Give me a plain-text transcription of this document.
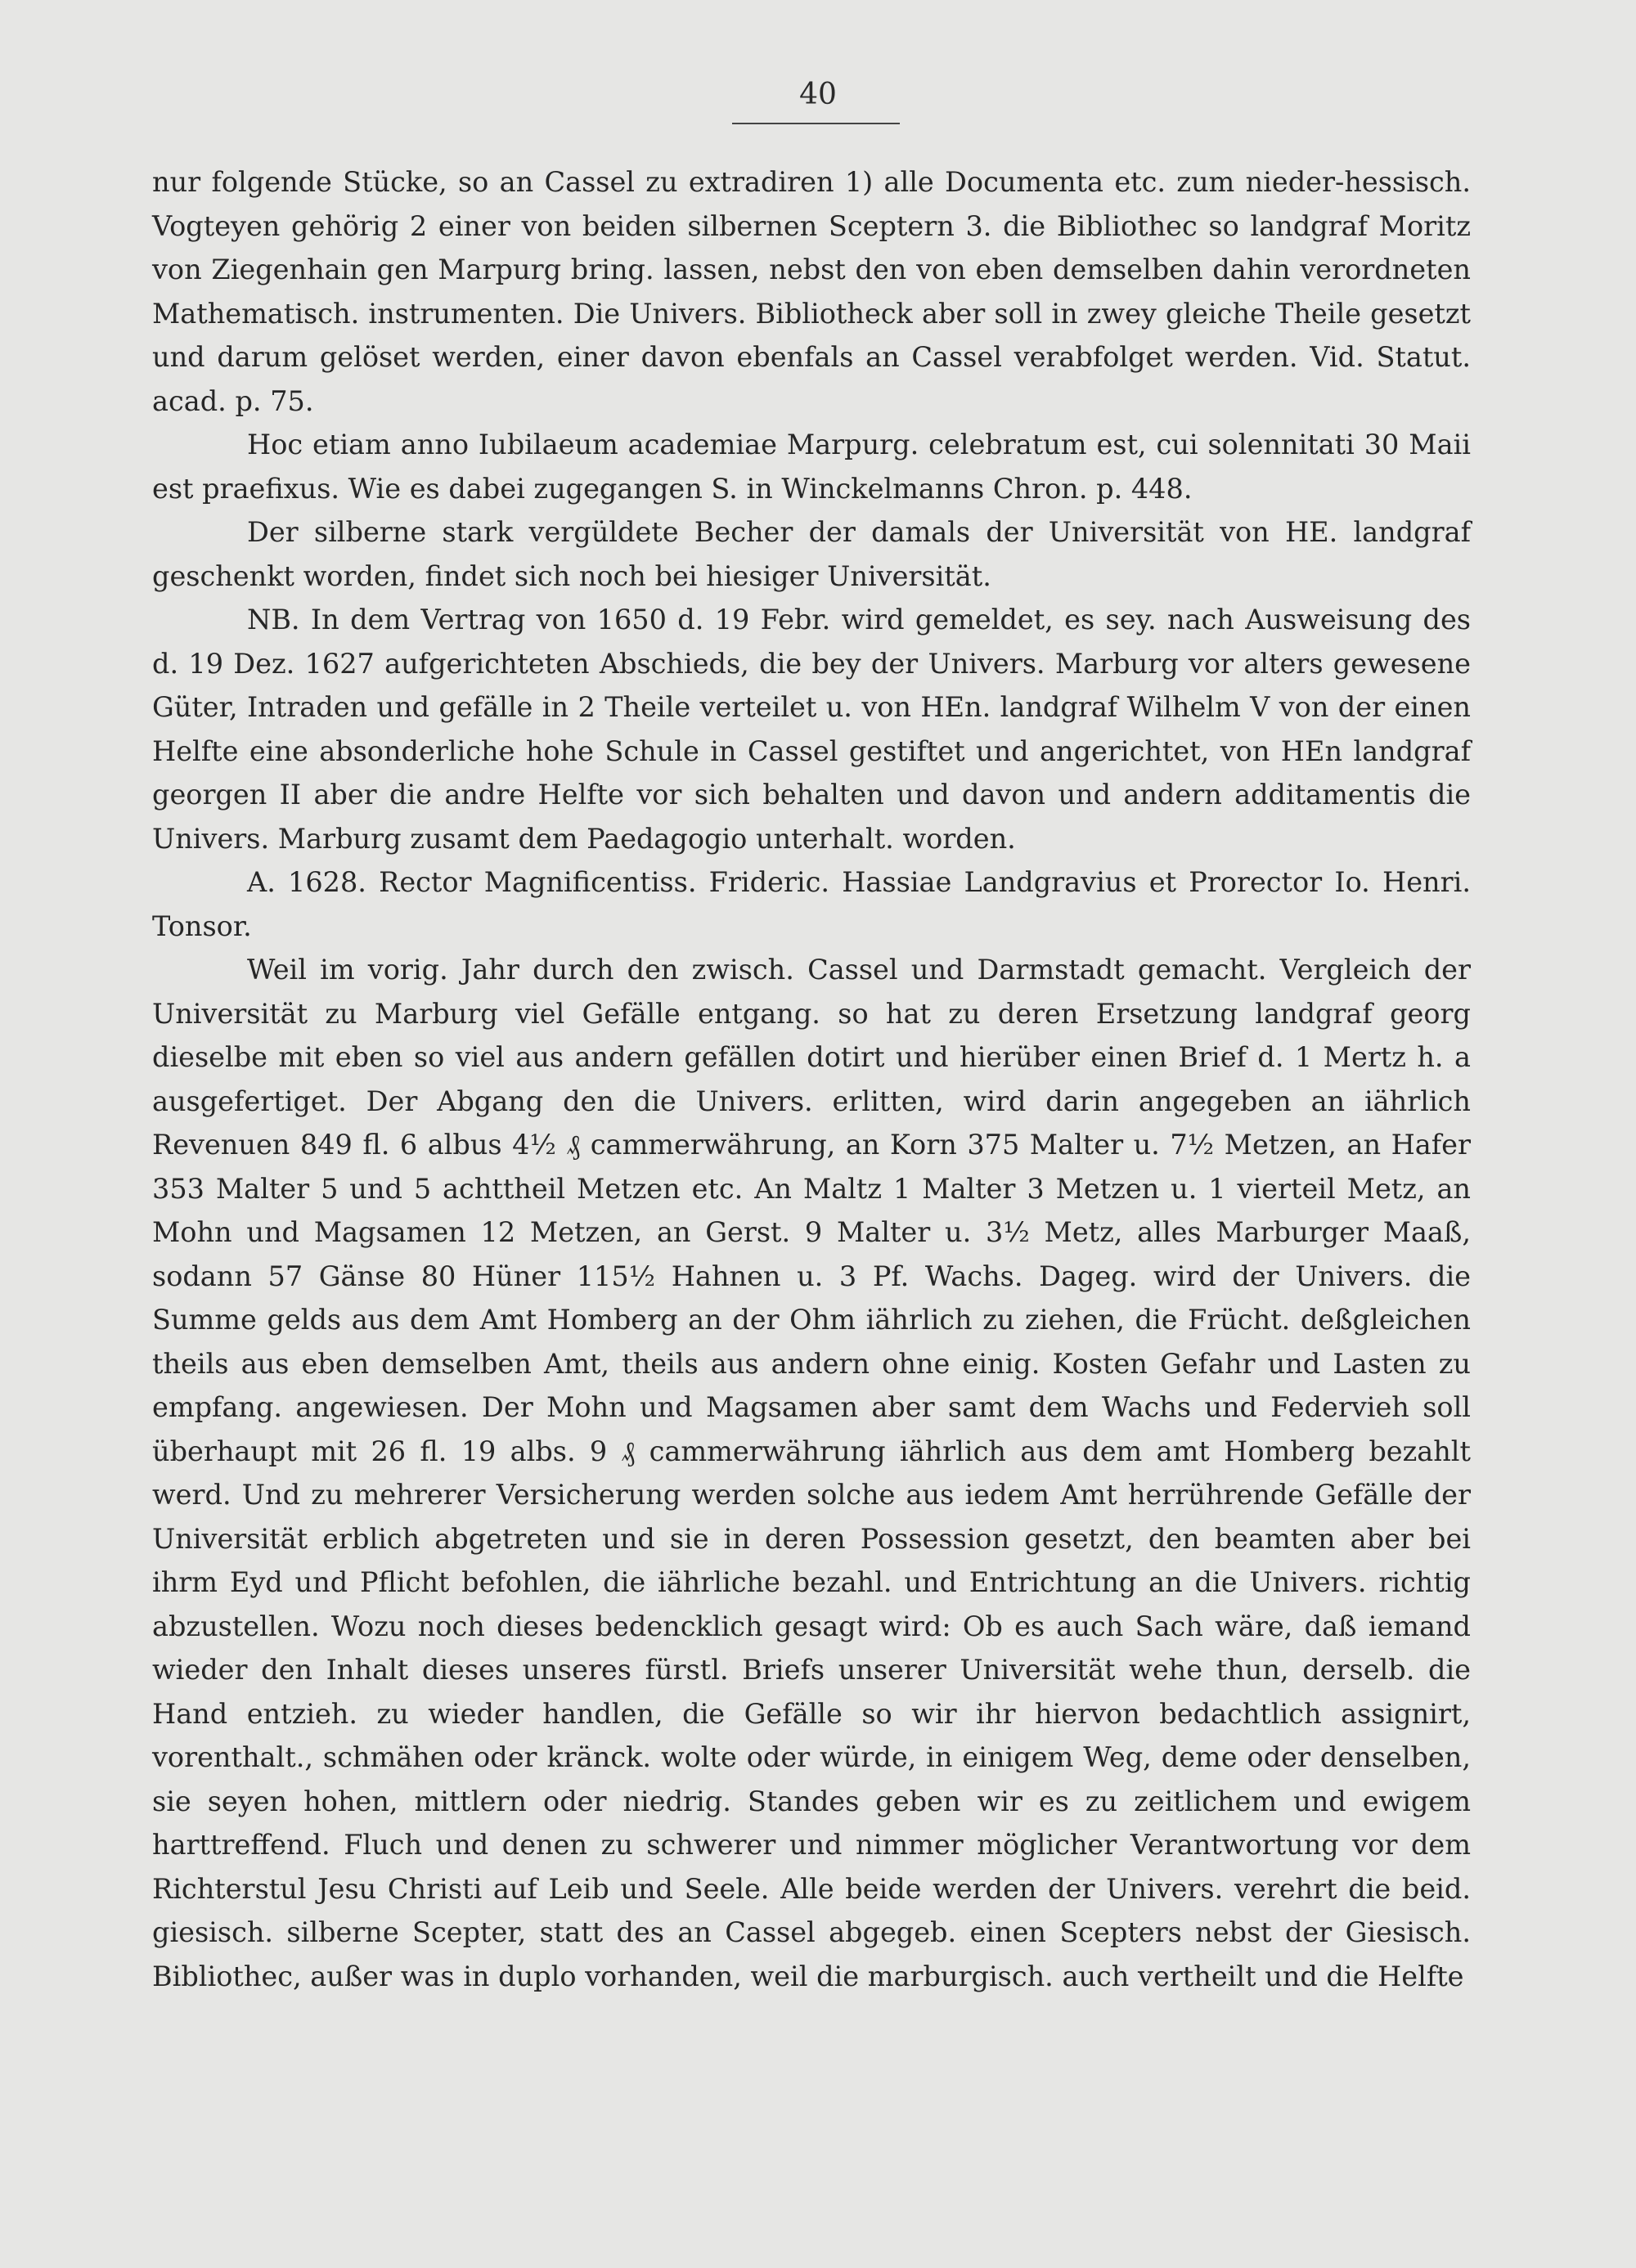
40

nur folgende Stücke, so an Cassel zu extradiren 1) alle Documenta etc. zum nieder-hessisch. Vogteyen gehörig 2 einer von beiden silbernen Sceptern 3. die Bibliothec so landgraf Moritz von Ziegenhain gen Marpurg bring. lassen, nebst den von eben demselben dahin verordneten Mathematisch. instrumenten. Die Univers. Bibliotheck aber soll in zwey gleiche Theile gesetzt und darum gelöset werden, einer davon ebenfals an Cassel verabfolget werden. Vid. Statut. acad. p. 75.

Hoc etiam anno Iubilaeum academiae Marpurg. celebratum est, cui solennitati 30 Maii est praefixus. Wie es dabei zugegangen S. in Winckelmanns Chron. p. 448.

Der silberne stark vergüldete Becher der damals der Universität von HE. landgraf geschenkt worden, findet sich noch bei hiesiger Universität.

NB. In dem Vertrag von 1650 d. 19 Febr. wird gemeldet, es sey. nach Ausweisung des d. 19 Dez. 1627 aufgerichteten Abschieds, die bey der Univers. Marburg vor alters gewesene Güter, Intraden und gefälle in 2 Theile verteilet u. von HEn. landgraf Wilhelm V von der einen Helfte eine absonderliche hohe Schule in Cassel gestiftet und angerichtet, von HEn landgraf georgen II aber die andre Helfte vor sich behalten und davon und andern additamentis die Univers. Marburg zusamt dem Paedagogio unterhalt. worden.

A. 1628. Rector Magnificentiss. Frideric. Hassiae Landgravius et Prorector Io. Henri. Tonsor.

Weil im vorig. Jahr durch den zwisch. Cassel und Darmstadt gemacht. Vergleich der Universität zu Marburg viel Gefälle entgang. so hat zu deren Ersetzung landgraf georg dieselbe mit eben so viel aus andern gefällen dotirt und hierüber einen Brief d. 1 Mertz h. a ausgefertiget. Der Abgang den die Univers. erlitten, wird darin angegeben an iährlich Revenuen 849 fl. 6 albus 4½ ₰ cammerwährung, an Korn 375 Malter u. 7½ Metzen, an Hafer 353 Malter 5 und 5 achttheil Metzen etc. An Maltz 1 Malter 3 Metzen u. 1 vierteil Metz, an Mohn und Magsamen 12 Metzen, an Gerst. 9 Malter u. 3½ Metz, alles Marburger Maaß, sodann 57 Gänse 80 Hüner 115½ Hahnen u. 3 Pf. Wachs. Dageg. wird der Univers. die Summe gelds aus dem Amt Homberg an der Ohm iährlich zu ziehen, die Frücht. deßgleichen theils aus eben demselben Amt, theils aus andern ohne einig. Kosten Gefahr und Lasten zu empfang. angewiesen. Der Mohn und Magsamen aber samt dem Wachs und Federvieh soll überhaupt mit 26 fl. 19 albs. 9 ₰ cammerwährung iährlich aus dem amt Homberg bezahlt werd. Und zu mehrerer Versicherung werden solche aus iedem Amt herrührende Gefälle der Universität erblich abgetreten und sie in deren Possession gesetzt, den beamten aber bei ihrm Eyd und Pflicht befohlen, die iährliche bezahl. und Entrichtung an die Univers. richtig abzustellen. Wozu noch dieses bedencklich gesagt wird: Ob es auch Sach wäre, daß iemand wieder den Inhalt dieses unseres fürstl. Briefs unserer Universität wehe thun, derselb. die Hand entzieh. zu wieder handlen, die Gefälle so wir ihr hiervon bedachtlich assignirt, vorenthalt., schmähen oder kränck. wolte oder würde, in einigem Weg, deme oder denselben, sie seyen hohen, mittlern oder niedrig. Standes geben wir es zu zeitlichem und ewigem harttreffend. Fluch und denen zu schwerer und nimmer möglicher Verantwortung vor dem Richterstul Jesu Christi auf Leib und Seele. Alle beide werden der Univers. verehrt die beid. giesisch. silberne Scepter, statt des an Cassel abgegeb. einen Scepters nebst der Giesisch. Bibliothec, außer was in duplo vorhanden, weil die marburgisch. auch vertheilt und die Helfte
